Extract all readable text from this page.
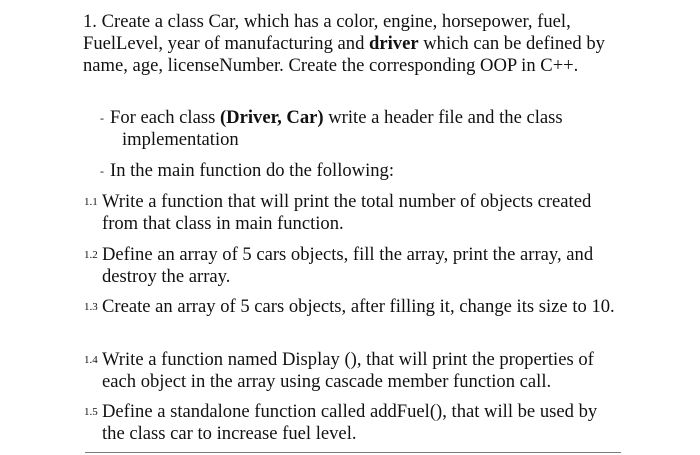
1. Create a class Car, which has a color, engine, horsepower, fuel, FuelLevel, year of manufacturing and driver which can be defined by name, age, licenseNumber. Create the corresponding OOP in C++.

- For each class (Driver, Car) write a header file and the class
implementation
- In the main function do the following:
1.1 Write a function that will print the total number of objects created from that class in main function.
1.2 Define an array of 5 cars objects, fill the array, print the array, and destroy the array.
1.3 Create an array of 5 cars objects, after filling it, change its size to 10.
1.4 Write a function named Display (), that will print the properties of each object in the array using cascade member function call.
1.5 Define a standalone function called addFuel(), that will be used by the class car to increase fuel level.
